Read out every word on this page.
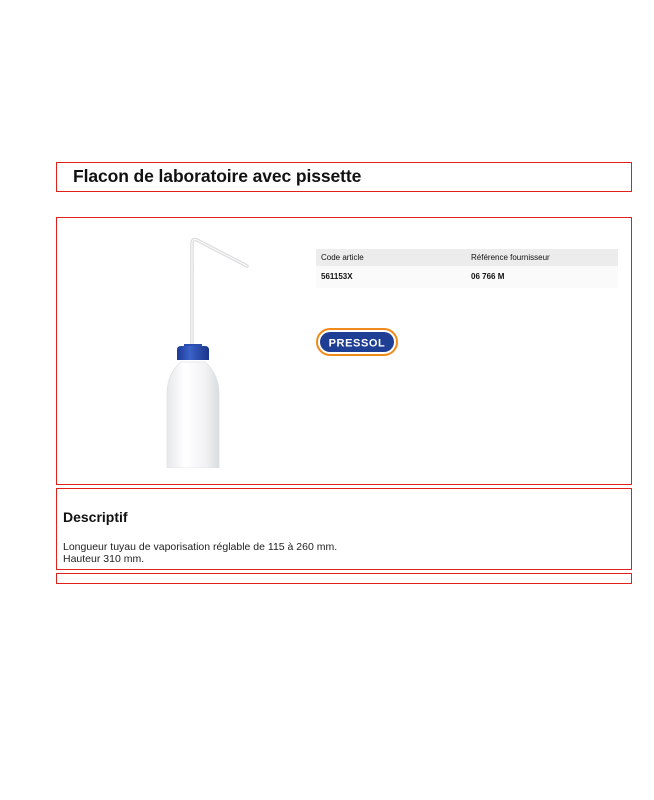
Flacon de laboratoire avec pissette
Code article	Référence fournisseur
561153X	06 766 M
PRESSOL
Descriptif
Longueur tuyau de vaporisation réglable de 115 à 260 mm.
Hauteur 310 mm.
